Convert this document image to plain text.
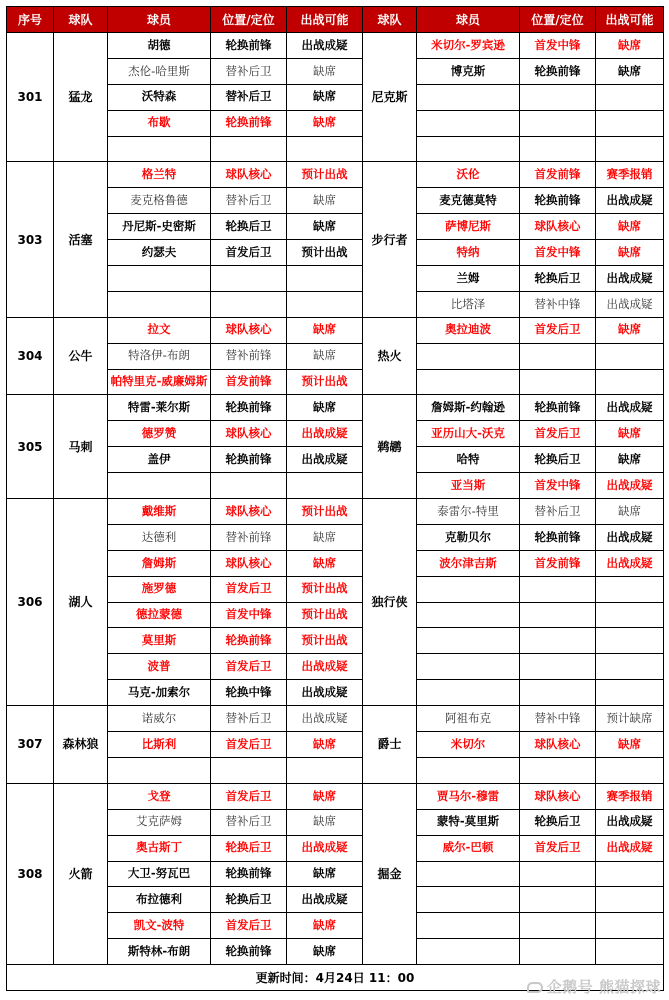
序号	球队	球员	位置/定位	出战可能	球队	球员	位置/定位	出战可能
301	猛龙	胡德	轮换前锋	出战成疑	尼克斯	米切尔-罗宾逊	首发中锋	缺席
		杰伦-哈里斯	替补后卫	缺席		博克斯	轮换前锋	缺席
		沃特森	替补后卫	缺席				
		布歇	轮换前锋	缺席				

303	活塞	格兰特	球队核心	预计出战	步行者	沃伦	首发前锋	赛季报销
		麦克格鲁德	替补后卫	缺席		麦克德莫特	轮换前锋	出战成疑
		丹尼斯-史密斯	轮换后卫	缺席		萨博尼斯	球队核心	缺席
		约瑟夫	首发后卫	预计出战		特纳	首发中锋	缺席
						兰姆	轮换后卫	出战成疑
						比塔泽	替补中锋	出战成疑
304	公牛	拉文	球队核心	缺席	热火	奥拉迪波	首发后卫	缺席
		特洛伊-布朗	替补前锋	缺席				
		帕特里克-威廉姆斯	首发前锋	预计出战				
305	马刺	特雷-莱尔斯	轮换前锋	缺席	鹈鹕	詹姆斯-约翰逊	轮换前锋	出战成疑
		德罗赞	球队核心	出战成疑		亚历山大-沃克	首发后卫	缺席
		盖伊	轮换前锋	出战成疑		哈特	轮换后卫	缺席
						亚当斯	首发中锋	出战成疑
306	湖人	戴维斯	球队核心	预计出战	独行侠	泰雷尔-特里	替补后卫	缺席
		达德利	替补前锋	缺席		克勒贝尔	轮换前锋	出战成疑
		詹姆斯	球队核心	缺席		波尔津吉斯	首发前锋	出战成疑
		施罗德	首发后卫	预计出战				
		德拉蒙德	首发中锋	预计出战				
		莫里斯	轮换前锋	预计出战				
		波普	首发后卫	出战成疑				
		马克-加索尔	轮换中锋	出战成疑				
307	森林狼	诺威尔	替补后卫	出战成疑	爵士	阿祖布克	替补中锋	预计缺席
		比斯利	首发后卫	缺席		米切尔	球队核心	缺席

308	火箭	戈登	首发后卫	缺席	掘金	贾马尔-穆雷	球队核心	赛季报销
		艾克萨姆	替补后卫	缺席		蒙特-莫里斯	轮换后卫	出战成疑
		奥古斯丁	轮换后卫	出战成疑		威尔-巴顿	首发后卫	出战成疑
		大卫-努瓦巴	轮换前锋	缺席				
		布拉德利	轮换后卫	出战成疑				
		凯文-波特	首发后卫	缺席				
		斯特林-布朗	轮换前锋	缺席				
更新时间：4月24日 11：00								
企鹅号 熊猫探球
